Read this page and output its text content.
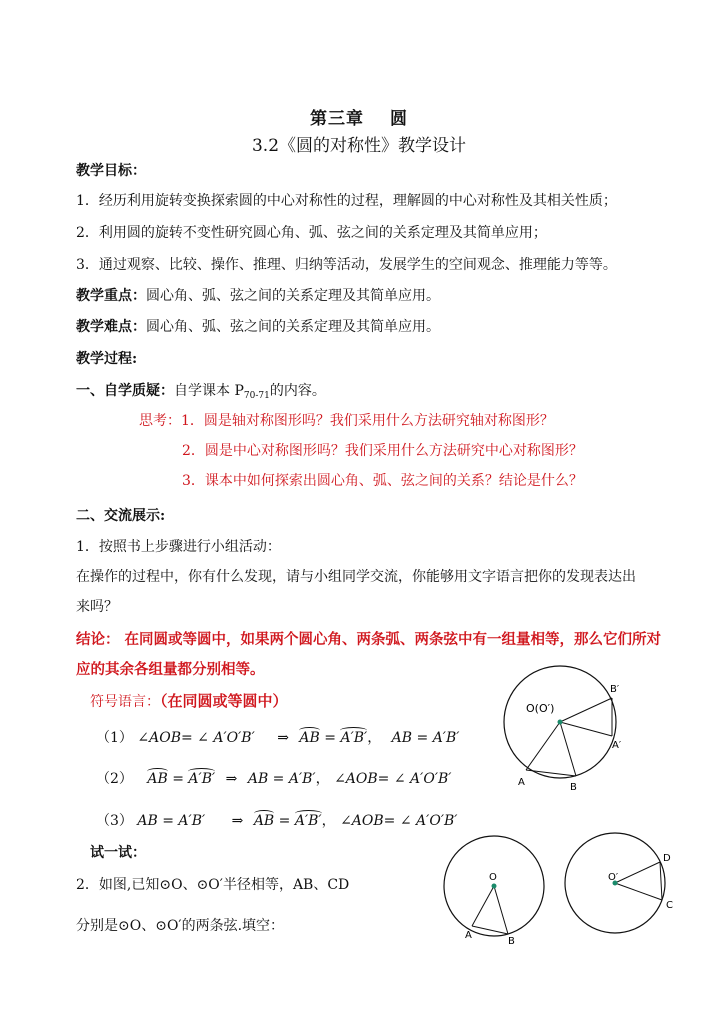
第三章 圆
3.2《圆的对称性》教学设计
教学目标：
1．经历利用旋转变换探索圆的中心对称性的过程，理解圆的中心对称性及其相关性质；
2．利用圆的旋转不变性研究圆心角、弧、弦之间的关系定理及其简单应用；
3．通过观察、比较、操作、推理、归纳等活动，发展学生的空间观念、推理能力等等。
教学重点：圆心角、弧、弦之间的关系定理及其简单应用。
教学难点：圆心角、弧、弦之间的关系定理及其简单应用。
教学过程:
一、自学质疑：自学课本 $P_{70-71}$的内容。
思考：1．圆是轴对称图形吗？我们采用什么方法研究轴对称图形？
2．圆是中心对称图形吗？我们采用什么方法研究中心对称图形？
3．课本中如何探索出圆心角、弧、弦之间的关系？结论是什么？
二、交流展示:
1．按照书上步骤进行小组活动：
在操作的过程中，你有什么发现，请与小组同学交流，你能够用文字语言把你的发现表达出
来吗？
结论： 在同圆或等圆中，如果两个圆心角、两条弧、两条弦中有一组量相等，那么它们所对
应的其余各组量都分别相等。
符号语言：（在同圆或等圆中）
（1） ∠AOB= ∠ A′O′B′ ⇒ AB = A′B′， AB = A′B′
（2） AB = A′B′ ⇒ AB = A′B′， ∠AOB= ∠ A′O′B′
（3） AB = A′B′ ⇒ AB = A′B′， ∠AOB= ∠ A′O′B′
试一试：
2．如图,已知⊙O、⊙O′半径相等，AB、CD
分别是⊙O、⊙O′的两条弦.填空：
O(O′)
A	B
A′
B′
O
A
B
O′
C
D
